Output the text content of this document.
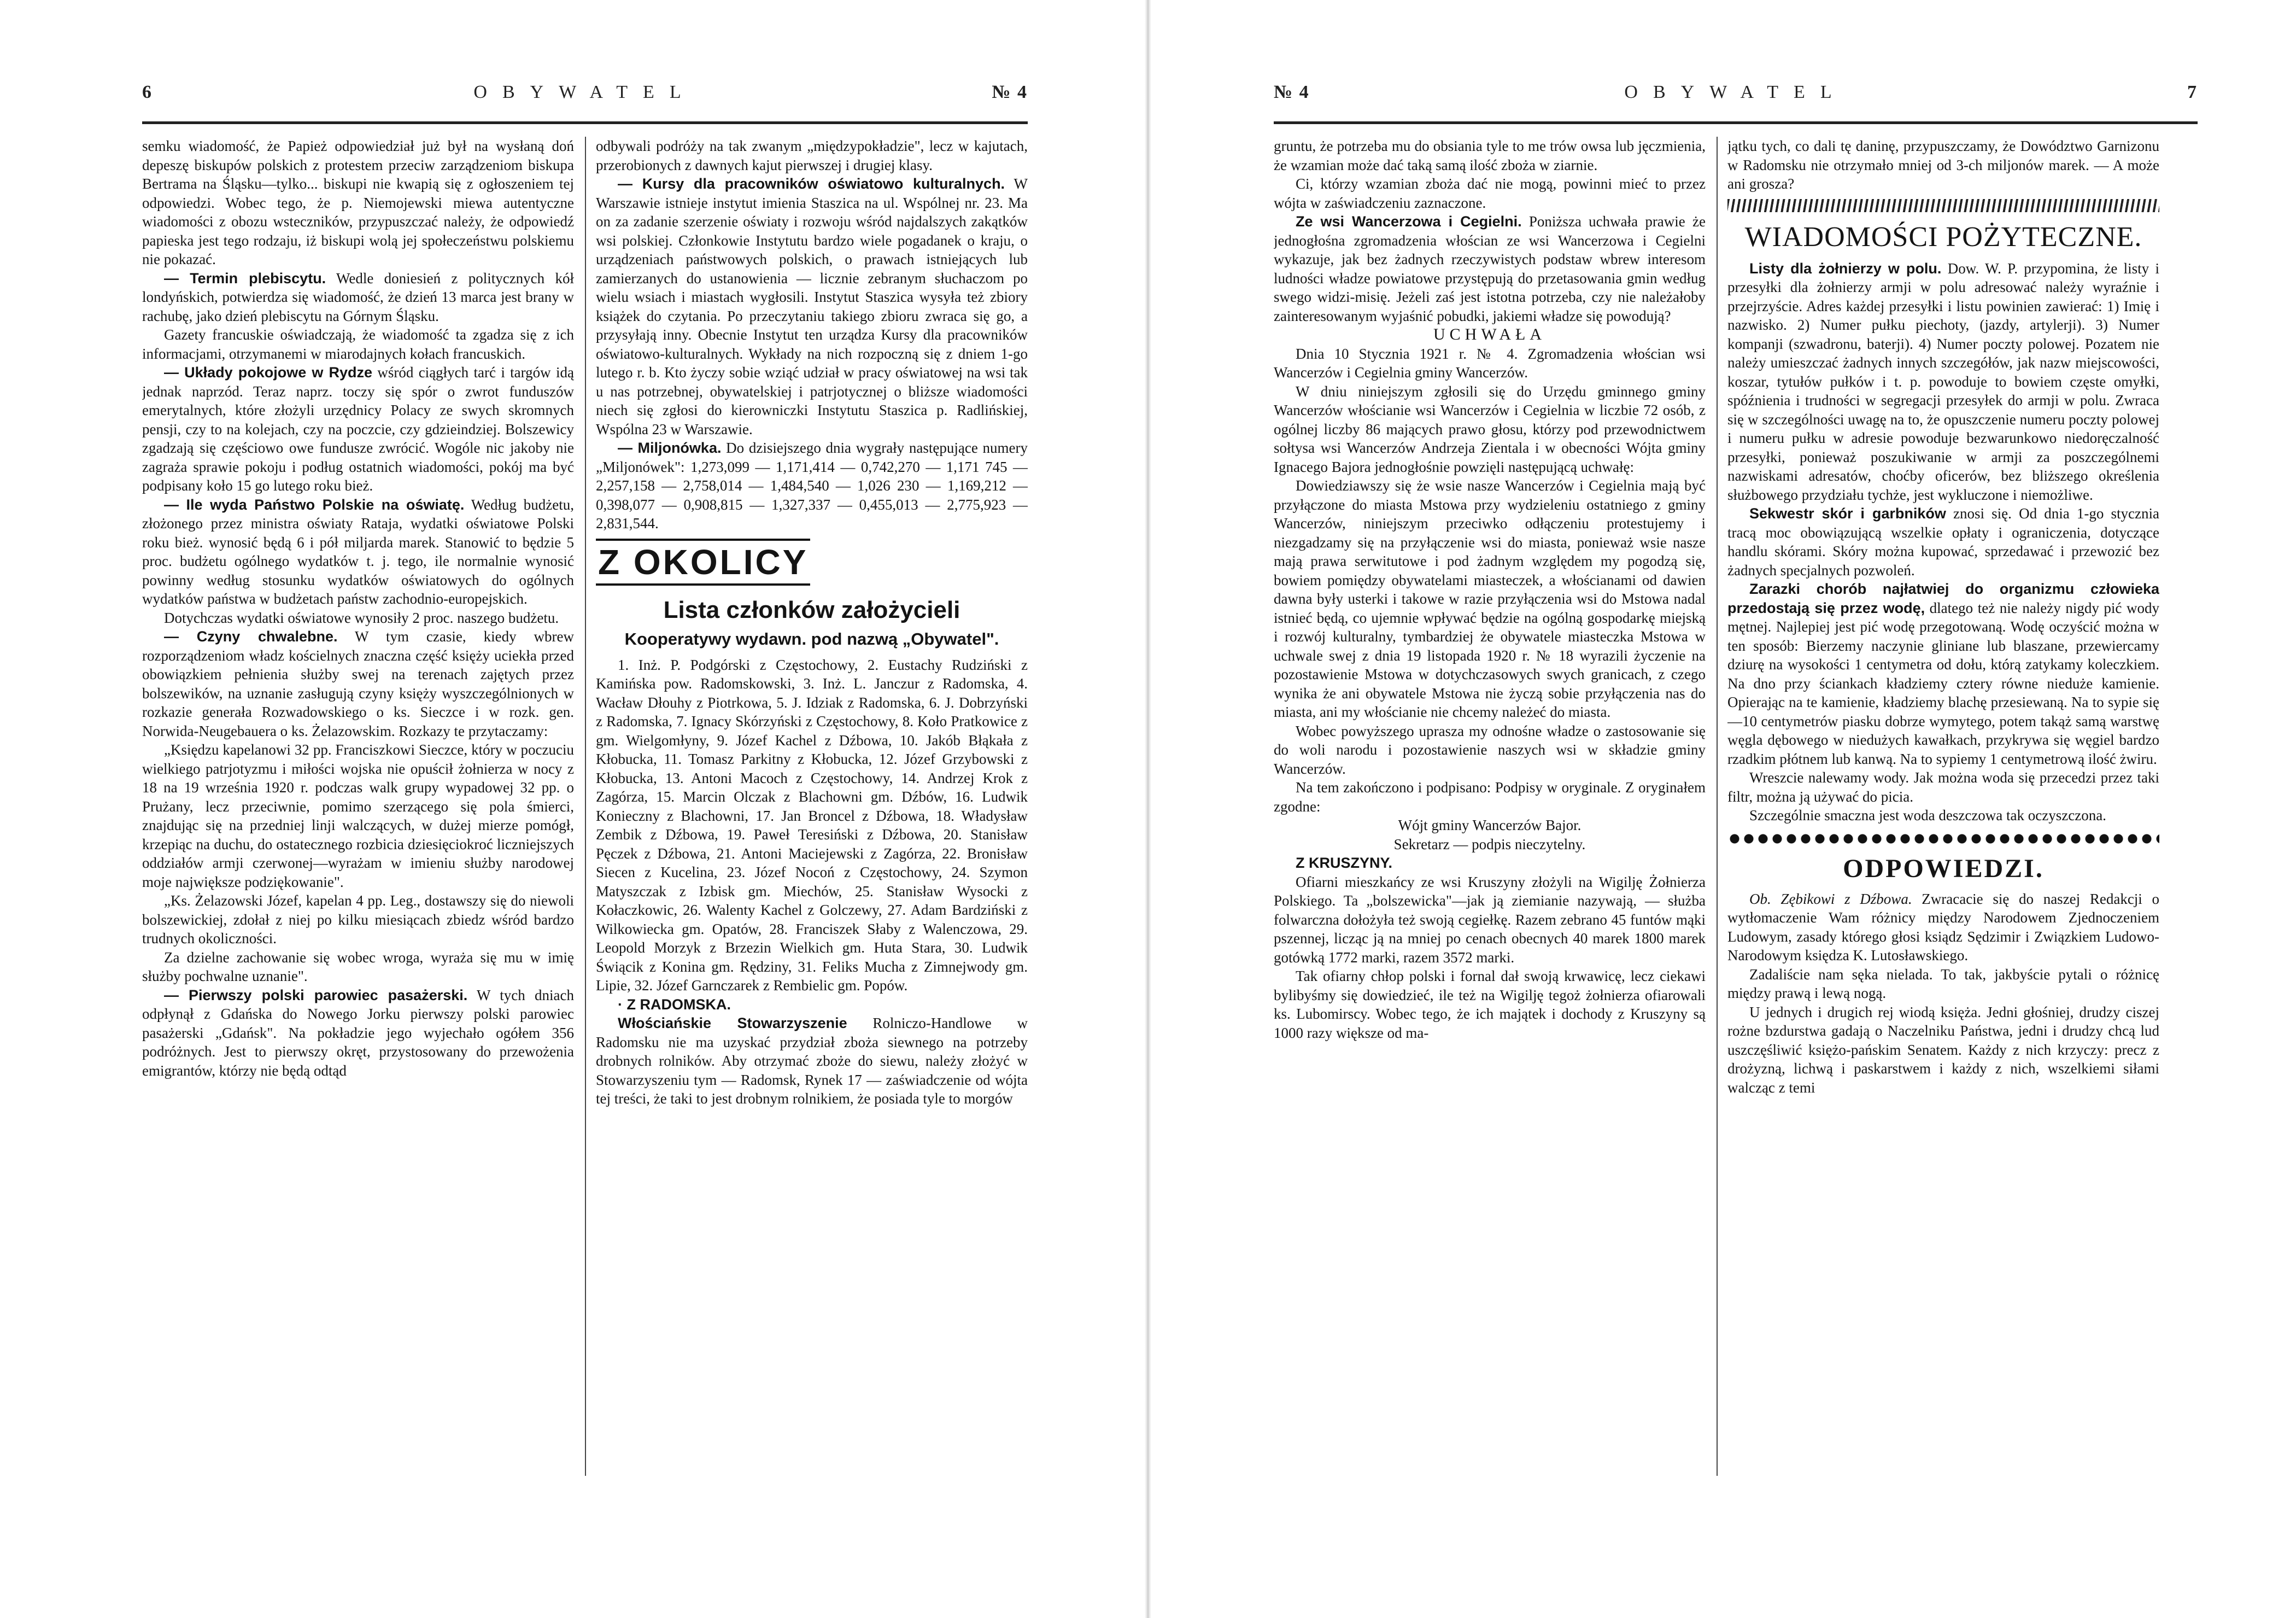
6	OBYWATEL	№ 4

semku wiadomość, że Papież odpowiedział już był na wysłaną doń depeszę biskupów polskich z protestem przeciw zarządzeniom biskupa Bertrama na Śląsku—tylko... biskupi nie kwapią się z ogłoszeniem tej odpowiedzi. Wobec tego, że p. Niemojewski miewa autentyczne wiadomości z obozu wsteczników, przypuszczać należy, że odpowiedź papieska jest tego rodzaju, iż biskupi wolą jej społeczeństwu polskiemu nie pokazać.

— Termin plebiscytu. Wedle doniesień z politycznych kół londyńskich, potwierdza się wiadomość, że dzień 13 marca jest brany w rachubę, jako dzień plebiscytu na Górnym Śląsku.

Gazety francuskie oświadczają, że wiadomość ta zgadza się z ich informacjami, otrzymanemi w miarodajnych kołach francuskich.

— Układy pokojowe w Rydze wśród ciągłych tarć i targów idą jednak naprzód. Teraz naprz. toczy się spór o zwrot funduszów emerytalnych, które złożyli urzędnicy Polacy ze swych skromnych pensji, czy to na kolejach, czy na poczcie, czy gdzieindziej. Bolszewicy zgadzają się częściowo owe fundusze zwrócić. Wogóle nic jakoby nie zagraża sprawie pokoju i podług ostatnich wiadomości, pokój ma być podpisany koło 15 go lutego roku bież.

— Ile wyda Państwo Polskie na oświatę. Według budżetu, złożonego przez ministra oświaty Rataja, wydatki oświatowe Polski roku bież. wynosić będą 6 i pół miljarda marek. Stanowić to będzie 5 proc. budżetu ogólnego wydatków t. j. tego, ile normalnie wynosić powinny według stosunku wydatków oświatowych do ogólnych wydatków państwa w budżetach państw zachodnio-europejskich.

Dotychczas wydatki oświatowe wynosiły 2 proc. naszego budżetu.

— Czyny chwalebne. W tym czasie, kiedy wbrew rozporządzeniom władz kościelnych znaczna część księży uciekła przed obowiązkiem pełnienia służby swej na terenach zajętych przez bolszewików, na uznanie zasługują czyny księży wyszczególnionych w rozkazie generała Rozwadowskiego o ks. Sieczce i w rozk. gen. Norwida-Neugebauera o ks. Żelazowskim. Rozkazy te przytaczamy:

„Księdzu kapelanowi 32 pp. Franciszkowi Sieczce, który w poczuciu wielkiego patrjotyzmu i miłości wojska nie opuścił żołnierza w nocy z 18 na 19 września 1920 r. podczas walk grupy wypadowej 32 pp. o Prużany, lecz przeciwnie, pomimo szerzącego się pola śmierci, znajdując się na przedniej linji walczących, w dużej mierze pomógł, krzepiąc na duchu, do ostatecznego rozbicia dziesięciokroć liczniejszych oddziałów armji czerwonej—wyrażam w imieniu służby narodowej moje największe podziękowanie".

„Ks. Żelazowski Józef, kapelan 4 pp. Leg., dostawszy się do niewoli bolszewickiej, zdołał z niej po kilku miesiącach zbiedz wśród bardzo trudnych okoliczności.

Za dzielne zachowanie się wobec wroga, wyraża się mu w imię służby pochwalne uznanie".

— Pierwszy polski parowiec pasażerski. W tych dniach odpłynął z Gdańska do Nowego Jorku pierwszy polski parowiec pasażerski „Gdańsk". Na pokładzie jego wyjechało ogółem 356 podróżnych. Jest to pierwszy okręt, przystosowany do przewożenia emigrantów, którzy nie będą odtąd

odbywali podróży na tak zwanym „międzypokładzie", lecz w kajutach, przerobionych z dawnych kajut pierwszej i drugiej klasy.

— Kursy dla pracowników oświatowo kulturalnych. W Warszawie istnieje instytut imienia Staszica na ul. Wspólnej nr. 23. Ma on za zadanie szerzenie oświaty i rozwoju wśród najdalszych zakątków wsi polskiej. Członkowie Instytutu bardzo wiele pogadanek o kraju, o urządzeniach państwowych polskich, o prawach istniejących lub zamierzanych do ustanowienia — licznie zebranym słuchaczom po wielu wsiach i miastach wygłosili. Instytut Staszica wysyła też zbiory książek do czytania. Po przeczytaniu takiego zbioru zwraca się go, a przysyłają inny. Obecnie Instytut ten urządza Kursy dla pracowników oświatowo-kulturalnych. Wykłady na nich rozpoczną się z dniem 1-go lutego r. b. Kto życzy sobie wziąć udział w pracy oświatowej na wsi tak u nas potrzebnej, obywatelskiej i patrjotycznej o bliższe wiadomości niech się zgłosi do kierowniczki Instytutu Staszica p. Radlińskiej, Wspólna 23 w Warszawie.

— Miljonówka. Do dzisiejszego dnia wygrały następujące numery „Miljonówek": 1,273,099 — 1,171,414 — 0,742,270 — 1,171 745 — 2,257,158 — 2,758,014 — 1,484,540 — 1,026 230 — 1,169,212 — 0,398,077 — 0,908,815 — 1,327,337 — 0,455,013 — 2,775,923 — 2,831,544.

Z OKOLICY
Lista członków założycieli
Kooperatywy wydawn. pod nazwą „Obywatel".

1. Inż. P. Podgórski z Częstochowy, 2. Eustachy Rudziński z Kamińska pow. Radomskowski, 3. Inż. L. Janczur z Radomska, 4. Wacław Dłouhy z Piotrkowa, 5. J. Idziak z Radomska, 6. J. Dobrzyński z Radomska, 7. Ignacy Skórzyński z Częstochowy, 8. Koło Pratkowice z gm. Wielgomłyny, 9. Józef Kachel z Dźbowa, 10. Jakób Błąkała z Kłobucka, 11. Tomasz Parkitny z Kłobucka, 12. Józef Grzybowski z Kłobucka, 13. Antoni Macoch z Częstochowy, 14. Andrzej Krok z Zagórza, 15. Marcin Olczak z Blachowni gm. Dźbów, 16. Ludwik Konieczny z Blachowni, 17. Jan Broncel z Dźbowa, 18. Władysław Zembik z Dźbowa, 19. Paweł Teresiński z Dźbowa, 20. Stanisław Pęczek z Dźbowa, 21. Antoni Maciejewski z Zagórza, 22. Bronisław Siecen z Kucelina, 23. Józef Nocoń z Częstochowy, 24. Szymon Matyszczak z Izbisk gm. Miechów, 25. Stanisław Wysocki z Kołaczkowic, 26. Walenty Kachel z Golczewy, 27. Adam Bardziński z Wilkowiecka gm. Opatów, 28. Franciszek Słaby z Walenczowa, 29. Leopold Morzyk z Brzezin Wielkich gm. Huta Stara, 30. Ludwik Świącik z Konina gm. Rędziny, 31. Feliks Mucha z Zimnejwody gm. Lipie, 32. Józef Garnczarek z Rembielic gm. Popów.

· Z RADOMSKA.

Włościańskie Stowarzyszenie Rolniczo-Handlowe w Radomsku nie ma uzyskać przydział zboża siewnego na potrzeby drobnych rolników. Aby otrzymać zboże do siewu, należy złożyć w Stowarzyszeniu tym — Radomsk, Rynek 17 — zaświadczenie od wójta tej treści, że taki to jest drobnym rolnikiem, że posiada tyle to morgów

№ 4	OBYWATEL	7

gruntu, że potrzeba mu do obsiania tyle to me trów owsa lub jęczmienia, że wzamian może dać taką samą ilość zboża w ziarnie.

Ci, którzy wzamian zboża dać nie mogą, powinni mieć to przez wójta w zaświadczeniu zaznaczone.

Ze wsi Wancerzowa i Cegielni. Poniższa uchwała prawie że jednogłośna zgromadzenia włościan ze wsi Wancerzowa i Cegielni wykazuje, jak bez żadnych rzeczywistych podstaw wbrew interesom ludności władze powiatowe przystępują do przetasowania gmin według swego widzi-misię. Jeżeli zaś jest istotna potrzeba, czy nie należałoby zainteresowanym wyjaśnić pobudki, jakiemi władze się powodują?

UCHWAŁA

Dnia 10 Stycznia 1921 r. № 4. Zgromadzenia włościan wsi Wancerzów i Cegielnia gminy Wancerzów.

W dniu niniejszym zgłosili się do Urzędu gminnego gminy Wancerzów włościanie wsi Wancerzów i Cegielnia w liczbie 72 osób, z ogólnej liczby 86 mających prawo głosu, którzy pod przewodnictwem sołtysa wsi Wancerzów Andrzeja Zientala i w obecności Wójta gminy Ignacego Bajora jednogłośnie powzięli następującą uchwałę:

Dowiedziawszy się że wsie nasze Wancerzów i Cegielnia mają być przyłączone do miasta Mstowa przy wydzieleniu ostatniego z gminy Wancerzów, niniejszym przeciwko odłączeniu protestujemy i niezgadzamy się na przyłączenie wsi do miasta, ponieważ wsie nasze mają prawa serwitutowe i pod żadnym względem my pogodzą się, bowiem pomiędzy obywatelami miasteczek, a włościanami od dawien dawna były usterki i takowe w razie przyłączenia wsi do Mstowa nadal istnieć będą, co ujemnie wpływać będzie na ogólną gospodarkę miejską i rozwój kulturalny, tymbardziej że obywatele miasteczka Mstowa w uchwale swej z dnia 19 listopada 1920 r. № 18 wyrazili życzenie na pozostawienie Mstowa w dotychczasowych swych granicach, z czego wynika że ani obywatele Mstowa nie życzą sobie przyłączenia nas do miasta, ani my włościanie nie chcemy należeć do miasta.

Wobec powyższego uprasza my odnośne władze o zastosowanie się do woli narodu i pozostawienie naszych wsi w składzie gminy Wancerzów.

Na tem zakończono i podpisano: Podpisy w oryginale. Z oryginałem zgodne:

Wójt gminy Wancerzów Bajor.

Sekretarz — podpis nieczytelny.

Z KRUSZYNY.

Ofiarni mieszkańcy ze wsi Kruszyny złożyli na Wigilję Żołnierza Polskiego. Ta „bolszewicka"—jak ją ziemianie nazywają, — służba folwarczna dołożyła też swoją cegiełkę. Razem zebrano 45 funtów mąki pszennej, licząc ją na mniej po cenach obecnych 40 marek 1800 marek gotówką 1772 marki, razem 3572 marki.

Tak ofiarny chłop polski i fornal dał swoją krwawicę, lecz ciekawi bylibyśmy się dowiedzieć, ile też na Wigilję tegoż żołnierza ofiarowali ks. Lubomirscy. Wobec tego, że ich majątek i dochody z Kruszyny są 1000 razy większe od ma-

jątku tych, co dali tę daninę, przypuszczamy, że Dowództwo Garnizonu w Radomsku nie otrzymało mniej od 3-ch miljonów marek. — A może ani grosza?

WIADOMOŚCI POŻYTECZNE.

Listy dla żołnierzy w polu. Dow. W. P. przypomina, że listy i przesyłki dla żołnierzy armji w polu adresować należy wyraźnie i przejrzyście. Adres każdej przesyłki i listu powinien zawierać: 1) Imię i nazwisko. 2) Numer pułku piechoty, (jazdy, artylerji). 3) Numer kompanji (szwadronu, baterji). 4) Numer poczty polowej. Pozatem nie należy umieszczać żadnych innych szczegółów, jak nazw miejscowości, koszar, tytułów pułków i t. p. powoduje to bowiem częste omyłki, spóźnienia i trudności w segregacji przesyłek do armji w polu. Zwraca się w szczególności uwagę na to, że opuszczenie numeru poczty polowej i numeru pułku w adresie powoduje bezwarunkowo niedoręczalność przesyłki, ponieważ poszukiwanie w armji za poszczególnemi nazwiskami adresatów, choćby oficerów, bez bliższego określenia służbowego przydziału tychże, jest wykluczone i niemożliwe.

Sekwestr skór i garbników znosi się. Od dnia 1-go stycznia tracą moc obowiązującą wszelkie opłaty i ograniczenia, dotyczące handlu skórami. Skóry można kupować, sprzedawać i przewozić bez żadnych specjalnych pozwoleń.

Zarazki chorób najłatwiej do organizmu człowieka przedostają się przez wodę, dlatego też nie należy nigdy pić wody mętnej. Najlepiej jest pić wodę przegotowaną. Wodę oczyścić można w ten sposób: Bierzemy naczynie gliniane lub blaszane, przewiercamy dziurę na wysokości 1 centymetra od dołu, którą zatykamy koleczkiem. Na dno przy ściankach kładziemy cztery równe nieduże kamienie. Opierając na te kamienie, kładziemy blachę przesiewaną. Na to sypie się—10 centymetrów piasku dobrze wymytego, potem takąż samą warstwę węgla dębowego w niedużych kawałkach, przykrywa się węgiel bardzo rzadkim płótnem lub kanwą. Na to sypiemy 1 centymetrową ilość żwiru.

Wreszcie nalewamy wody. Jak można woda się przecedzi przez taki filtr, można ją używać do picia.

Szczególnie smaczna jest woda deszczowa tak oczyszczona.

ODPOWIEDZI.

Ob. Zębikowi z Dźbowa. Zwracacie się do naszej Redakcji o wytłomaczenie Wam różnicy między Narodowem Zjednoczeniem Ludowym, zasady którego głosi ksiądz Sędzimir i Związkiem Ludowo-Narodowym księdza K. Lutosławskiego.

Zadaliście nam sęka nielada. To tak, jakbyście pytali o różnicę między prawą i lewą nogą.

U jednych i drugich rej wiodą księża. Jedni głośniej, drudzy ciszej rożne bzdurstwa gadają o Naczelniku Państwa, jedni i drudzy chcą lud uszczęśliwić księżo-pańskim Senatem. Każdy z nich krzyczy: precz z drożyzną, lichwą i paskarstwem i każdy z nich, wszelkiemi siłami walcząc z temi
